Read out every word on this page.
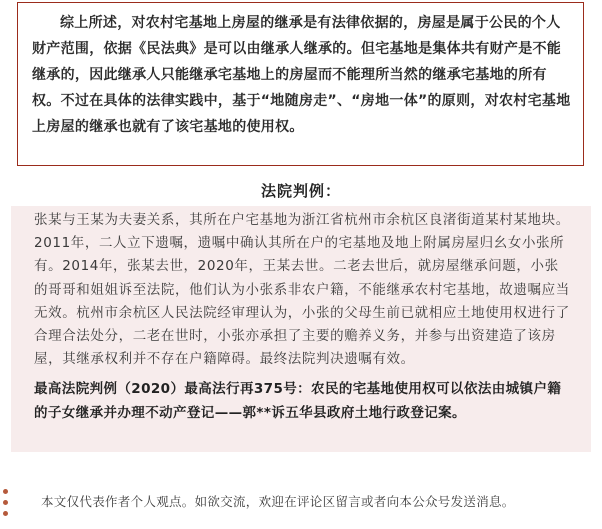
综上所述，对农村宅基地上房屋的继承是有法律依据的，房屋是属于公民的个人财产范围，依据《民法典》是可以由继承人继承的。但宅基地是集体共有财产是不能继承的，因此继承人只能继承宅基地上的房屋而不能理所当然的继承宅基地的所有权。不过在具体的法律实践中，基于“地随房走”、“房地一体”的原则，对农村宅基地上房屋的继承也就有了该宅基地的使用权。

法院判例：

张某与王某为夫妻关系，其所在户宅基地为浙江省杭州市余杭区良渚街道某村某地块。2011年，二人立下遗嘱，遗嘱中确认其所在户的宅基地及地上附属房屋归幺女小张所有。2014年，张某去世，2020年，王某去世。二老去世后，就房屋继承问题，小张的哥哥和姐姐诉至法院，他们认为小张系非农户籍，不能继承农村宅基地，故遗嘱应当无效。杭州市余杭区人民法院经审理认为，小张的父母生前已就相应土地使用权进行了合理合法处分，二老在世时，小张亦承担了主要的赡养义务，并参与出资建造了该房屋，其继承权利并不存在户籍障碍。最终法院判决遗嘱有效。

最高法院判例（2020）最高法行再375号：农民的宅基地使用权可以依法由城镇户籍的子女继承并办理不动产登记——郭**诉五华县政府土地行政登记案。

本文仅代表作者个人观点。如欲交流，欢迎在评论区留言或者向本公众号发送消息。
